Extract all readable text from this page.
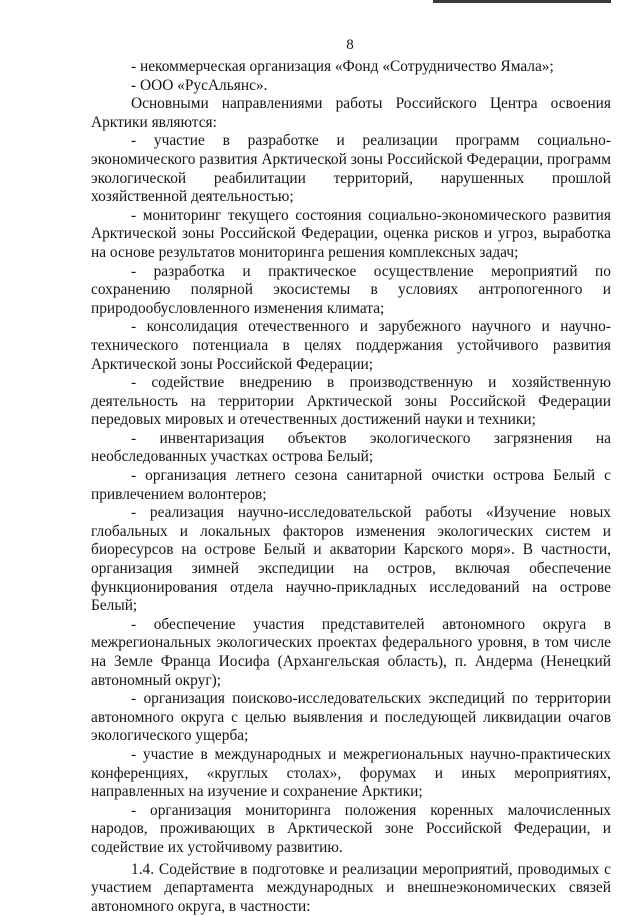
8

- некоммерческая организация «Фонд «Сотрудничество Ямала»;

- ООО «РусАльянс».

Основными направлениями работы Российского Центра освоения Арктики являются:

- участие в разработке и реализации программ социально-экономического развития Арктической зоны Российской Федерации, программ экологической реабилитации территорий, нарушенных прошлой хозяйственной деятельностью;

- мониторинг текущего состояния социально-экономического развития Арктической зоны Российской Федерации, оценка рисков и угроз, выработка на основе результатов мониторинга решения комплексных задач;

- разработка и практическое осуществление мероприятий по сохранению полярной экосистемы в условиях антропогенного и природообусловленного изменения климата;

- консолидация отечественного и зарубежного научного и научно-технического потенциала в целях поддержания устойчивого развития Арктической зоны Российской Федерации;

- содействие внедрению в производственную и хозяйственную деятельность на территории Арктической зоны Российской Федерации передовых мировых и отечественных достижений науки и техники;

- инвентаризация объектов экологического загрязнения на необследованных участках острова Белый;

- организация летнего сезона санитарной очистки острова Белый с привлечением волонтеров;

- реализация научно-исследовательской работы «Изучение новых глобальных и локальных факторов изменения экологических систем и биоресурсов на острове Белый и акватории Карского моря». В частности, организация зимней экспедиции на остров, включая обеспечение функционирования отдела научно-прикладных исследований на острове Белый;

- обеспечение участия представителей автономного округа в межрегиональных экологических проектах федерального уровня, в том числе на Земле Франца Иосифа (Архангельская область), п. Андерма (Ненецкий автономный округ);

- организация поисково-исследовательских экспедиций по территории автономного округа с целью выявления и последующей ликвидации очагов экологического ущерба;

- участие в международных и межрегиональных научно-практических конференциях, «круглых столах», форумах и иных мероприятиях, направленных на изучение и сохранение Арктики;

- организация мониторинга положения коренных малочисленных народов, проживающих в Арктической зоне Российской Федерации, и содействие их устойчивому развитию.

1.4. Содействие в подготовке и реализации мероприятий, проводимых с участием департамента международных и внешнеэкономических связей автономного округа, в частности:
